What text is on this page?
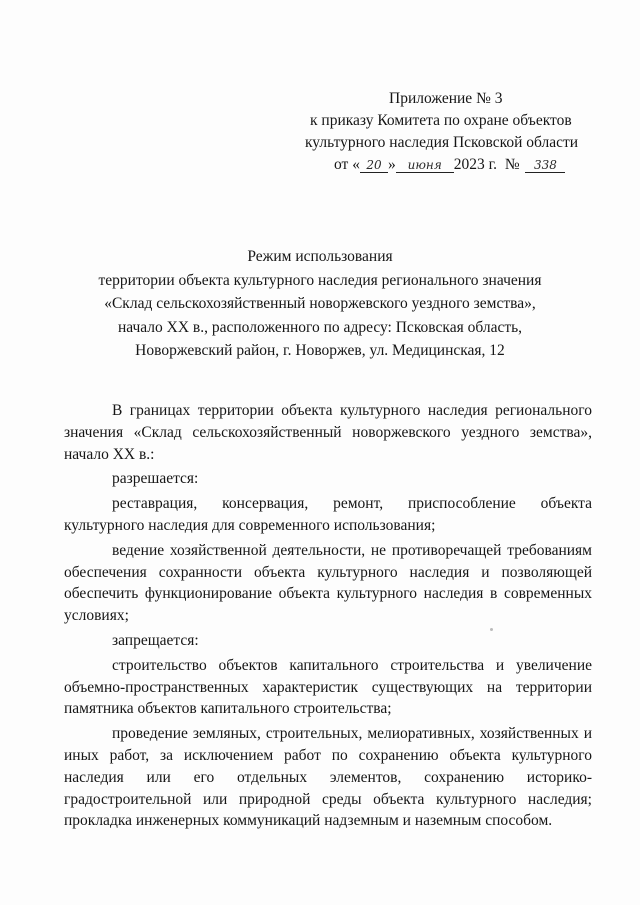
Приложение № 3
к приказу Комитета по охране объектов
культурного наследия Псковской области
от « 20 » июня 2023 г. № 338
Режим использования
территории объекта культурного наследия регионального значения
«Склад сельскохозяйственный новоржевского уездного земства»,
начало XX в., расположенного по адресу: Псковская область,
Новоржевский район, г. Новоржев, ул. Медицинская, 12

В границах территории объекта культурного наследия регионального значения «Склад сельскохозяйственный новоржевского уездного земства», начало XX в.:

разрешается:

реставрация, консервация, ремонт, приспособление объекта культурного наследия для современного использования;

ведение хозяйственной деятельности, не противоречащей требованиям обеспечения сохранности объекта культурного наследия и позволяющей обеспечить функционирование объекта культурного наследия в современных условиях;

запрещается:

строительство объектов капитального строительства и увеличение объемно-пространственных характеристик существующих на территории памятника объектов капитального строительства;

проведение земляных, строительных, мелиоративных, хозяйственных и иных работ, за исключением работ по сохранению объекта культурного наследия или его отдельных элементов, сохранению историко-градостроительной или природной среды объекта культурного наследия; прокладка инженерных коммуникаций надземным и наземным способом.
